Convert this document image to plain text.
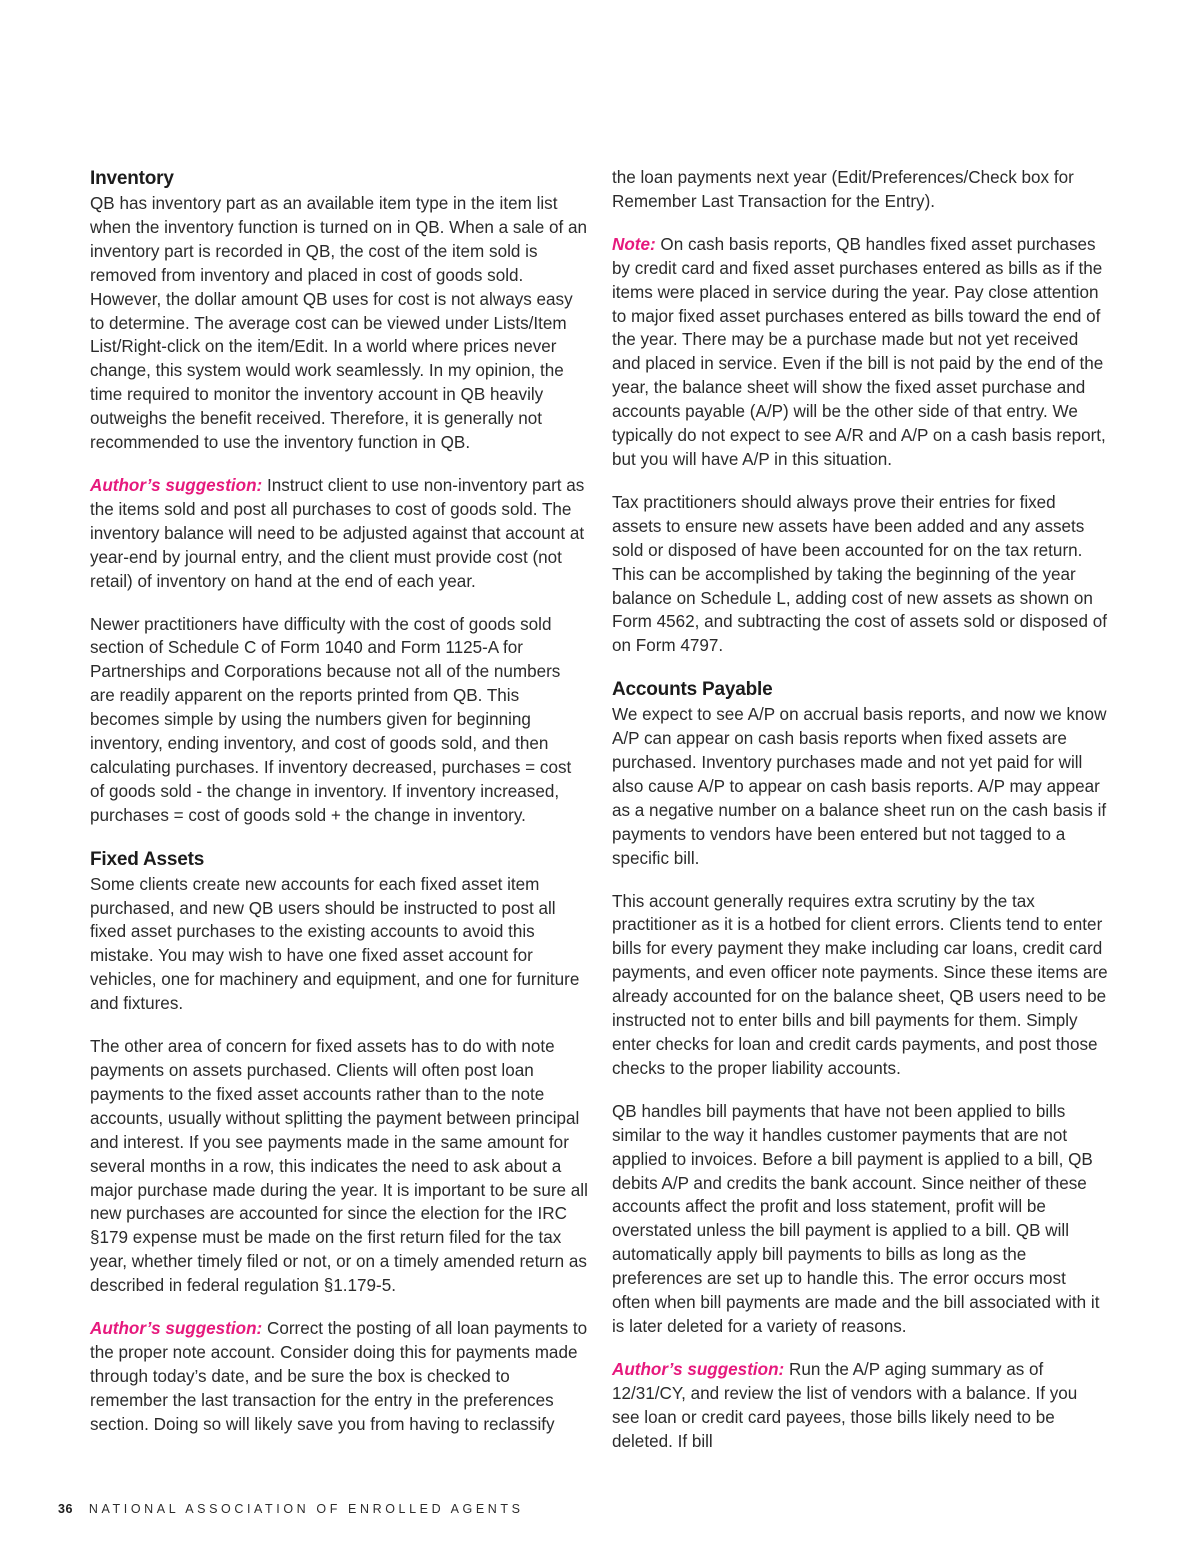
Inventory

QB has inventory part as an available item type in the item list when the inventory function is turned on in QB. When a sale of an inventory part is recorded in QB, the cost of the item sold is removed from inventory and placed in cost of goods sold. However, the dollar amount QB uses for cost is not always easy to determine. The average cost can be viewed under Lists/Item List/Right-click on the item/Edit. In a world where prices never change, this system would work seamlessly. In my opinion, the time required to monitor the inventory account in QB heavily outweighs the benefit received. Therefore, it is generally not recommended to use the inventory function in QB.

Author’s suggestion: Instruct client to use non-inventory part as the items sold and post all purchases to cost of goods sold. The inventory balance will need to be adjusted against that account at year-end by journal entry, and the client must provide cost (not retail) of inventory on hand at the end of each year.

Newer practitioners have difficulty with the cost of goods sold section of Schedule C of Form 1040 and Form 1125-A for Partnerships and Corporations because not all of the numbers are readily apparent on the reports printed from QB. This becomes simple by using the numbers given for beginning inventory, ending inventory, and cost of goods sold, and then calculating purchases. If inventory decreased, purchases = cost of goods sold - the change in inventory. If inventory increased, purchases = cost of goods sold + the change in inventory.

Fixed Assets

Some clients create new accounts for each fixed asset item purchased, and new QB users should be instructed to post all fixed asset purchases to the existing accounts to avoid this mistake. You may wish to have one fixed asset account for vehicles, one for machinery and equipment, and one for furniture and fixtures.

The other area of concern for fixed assets has to do with note payments on assets purchased. Clients will often post loan payments to the fixed asset accounts rather than to the note accounts, usually without splitting the payment between principal and interest. If you see payments made in the same amount for several months in a row, this indicates the need to ask about a major purchase made during the year. It is important to be sure all new purchases are accounted for since the election for the IRC §179 expense must be made on the first return filed for the tax year, whether timely filed or not, or on a timely amended return as described in federal regulation §1.179-5.

Author’s suggestion: Correct the posting of all loan payments to the proper note account. Consider doing this for payments made through today’s date, and be sure the box is checked to remember the last transaction for the entry in the preferences section. Doing so will likely save you from having to reclassify

the loan payments next year (Edit/Preferences/Check box for Remember Last Transaction for the Entry).

Note: On cash basis reports, QB handles fixed asset purchases by credit card and fixed asset purchases entered as bills as if the items were placed in service during the year. Pay close attention to major fixed asset purchases entered as bills toward the end of the year. There may be a purchase made but not yet received and placed in service. Even if the bill is not paid by the end of the year, the balance sheet will show the fixed asset purchase and accounts payable (A/P) will be the other side of that entry. We typically do not expect to see A/R and A/P on a cash basis report, but you will have A/P in this situation.

Tax practitioners should always prove their entries for fixed assets to ensure new assets have been added and any assets sold or disposed of have been accounted for on the tax return. This can be accomplished by taking the beginning of the year balance on Schedule L, adding cost of new assets as shown on Form 4562, and subtracting the cost of assets sold or disposed of on Form 4797.

Accounts Payable

We expect to see A/P on accrual basis reports, and now we know A/P can appear on cash basis reports when fixed assets are purchased. Inventory purchases made and not yet paid for will also cause A/P to appear on cash basis reports. A/P may appear as a negative number on a balance sheet run on the cash basis if payments to vendors have been entered but not tagged to a specific bill.

This account generally requires extra scrutiny by the tax practitioner as it is a hotbed for client errors. Clients tend to enter bills for every payment they make including car loans, credit card payments, and even officer note payments. Since these items are already accounted for on the balance sheet, QB users need to be instructed not to enter bills and bill payments for them. Simply enter checks for loan and credit cards payments, and post those checks to the proper liability accounts.

QB handles bill payments that have not been applied to bills similar to the way it handles customer payments that are not applied to invoices. Before a bill payment is applied to a bill, QB debits A/P and credits the bank account. Since neither of these accounts affect the profit and loss statement, profit will be overstated unless the bill payment is applied to a bill. QB will automatically apply bill payments to bills as long as the preferences are set up to handle this. The error occurs most often when bill payments are made and the bill associated with it is later deleted for a variety of reasons.

Author’s suggestion: Run the A/P aging summary as of 12/31/CY, and review the list of vendors with a balance. If you see loan or credit card payees, those bills likely need to be deleted. If bill

36 NATIONAL ASSOCIATION OF ENROLLED AGENTS
